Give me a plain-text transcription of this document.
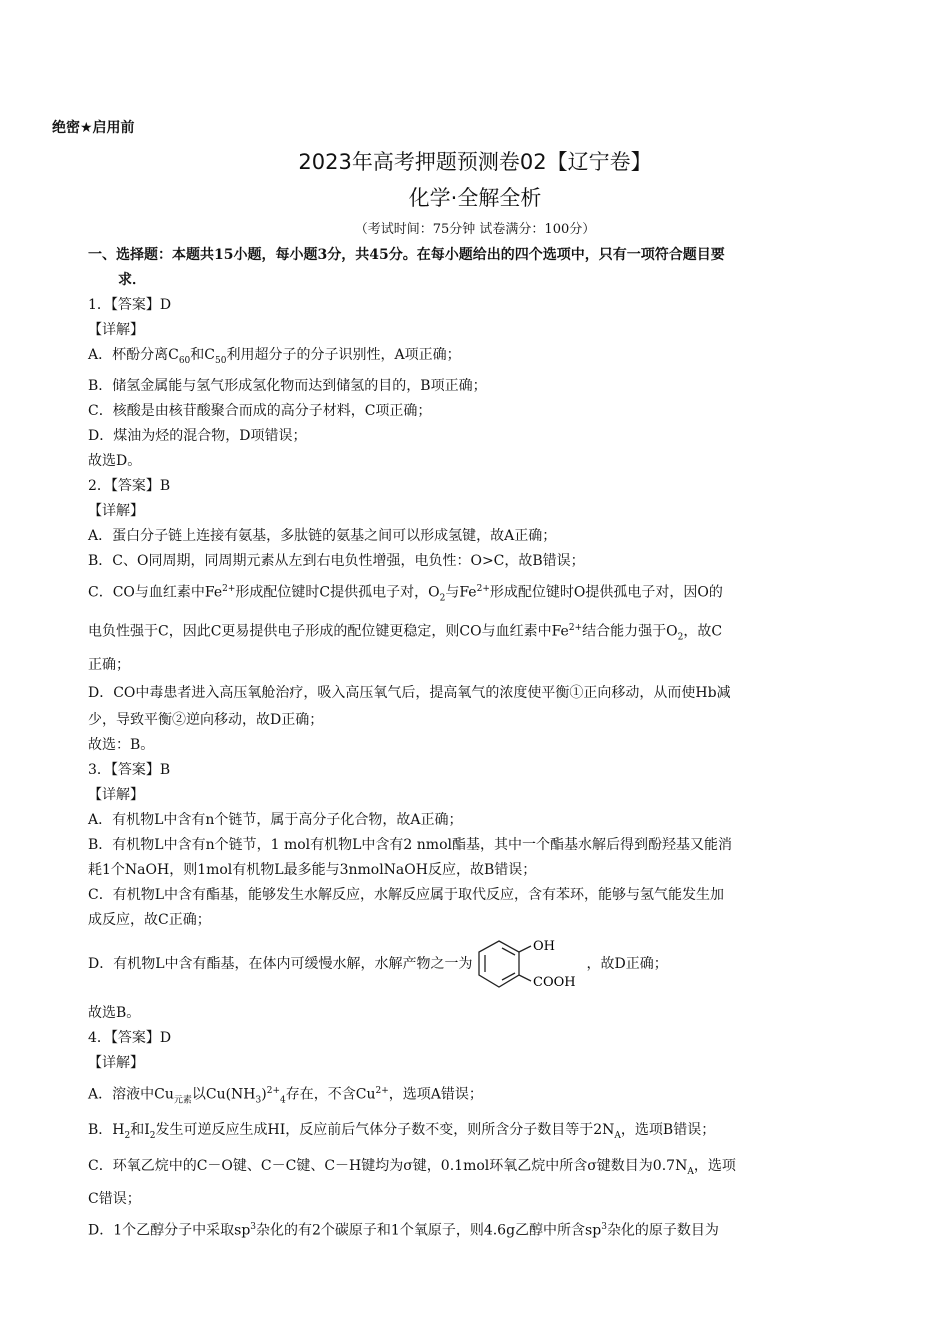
绝密★启用前
2023年高考押题预测卷02【辽宁卷】
化学·全解全析
（考试时间：75分钟 试卷满分：100分）
一、选择题：本题共15小题，每小题3分，共45分。在每小题给出的四个选项中，只有一项符合题目要
求．
1．【答案】D
【详解】
A．杯酚分离$C_{60}$和$C_{50}$利用超分子的分子识别性，A项正确；
B．储氢金属能与氢气形成氢化物而达到储氢的目的，B项正确；
C．核酸是由核苷酸聚合而成的高分子材料，C项正确；
D．煤油为烃的混合物，D项错误；
故选D。
2．【答案】B
【详解】
A．蛋白分子链上连接有氨基，多肽链的氨基之间可以形成氢键，故A正确；
B．C、O同周期，同周期元素从左到右电负性增强，电负性：O>C，故B错误；
C．CO与血红素中$Fe^{2+}$形成配位键时C提供孤电子对，$O_2$与$Fe^{2+}$形成配位键时O提供孤电子对，因O的
电负性强于C，因此C更易提供电子形成的配位键更稳定，则CO与血红素中$Fe^{2+}$结合能力强于$O_2$，故C
正确；
D．CO中毒患者进入高压氧舱治疗，吸入高压氧气后，提高氧气的浓度使平衡①正向移动，从而使Hb减
少，导致平衡②逆向移动，故D正确；
故选：B。
3．【答案】B
【详解】
A．有机物L中含有n个链节，属于高分子化合物，故A正确；
B．有机物L中含有n个链节，1 mol有机物L中含有2 nmol酯基，其中一个酯基水解后得到酚羟基又能消
耗1个NaOH，则1mol有机物L最多能与3nmolNaOH反应，故B错误；
C．有机物L中含有酯基，能够发生水解反应，水解反应属于取代反应，含有苯环，能够与氢气能发生加
成反应，故C正确；
D．有机物L中含有酯基，在体内可缓慢水解，水解产物之一为
OH
COOH
，故D正确；
故选B。
4．【答案】D
【详解】
A．溶液中$Cu_{元素}$以$Cu(NH_3)^{2+}_4$存在，不含$Cu^{2+}$，选项A错误；
B．$H_2$和$I_2$发生可逆反应生成HI，反应前后气体分子数不变，则所含分子数目等于$2N_A$，选项B错误；
C．环氧乙烷中的C－O键、C－C键、C－H键均为σ键，0.1mol环氧乙烷中所含σ键数目为$0.7N_A$，选项
C错误；
D．1个乙醇分子中采取$sp^3$杂化的有2个碳原子和1个氧原子，则4.6g乙醇中所含$sp^3$杂化的原子数目为
